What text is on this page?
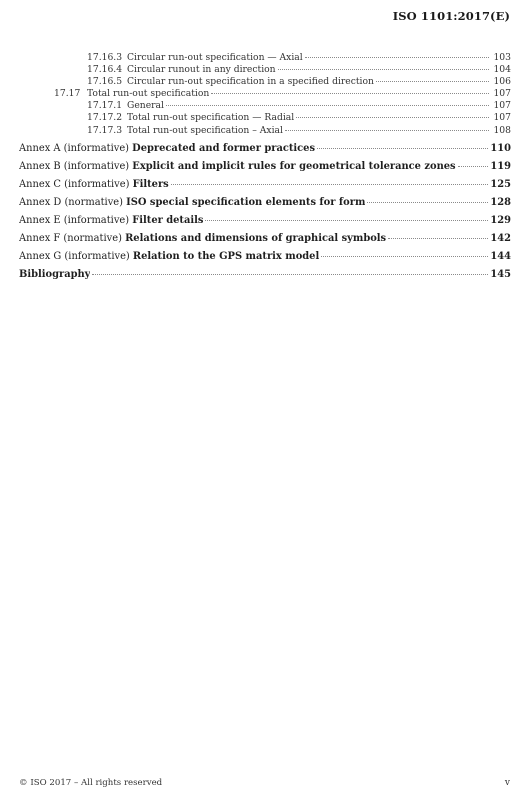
ISO 1101:2017(E)
17.16.3 Circular run-out specification — Axial	103
17.16.4 Circular runout in any direction	104
17.16.5 Circular run-out specification in a specified direction	106
17.17 Total run-out specification	107
17.17.1 General	107
17.17.2 Total run-out specification — Radial	107
17.17.3 Total run-out specification – Axial	108
Annex A (informative) Deprecated and former practices	110
Annex B (informative) Explicit and implicit rules for geometrical tolerance zones	119
Annex C (informative) Filters	125
Annex D (normative) ISO special specification elements for form	128
Annex E (informative) Filter details	129
Annex F (normative) Relations and dimensions of graphical symbols	142
Annex G (informative) Relation to the GPS matrix model	144
Bibliography	145
© ISO 2017 – All rights reserved	v
